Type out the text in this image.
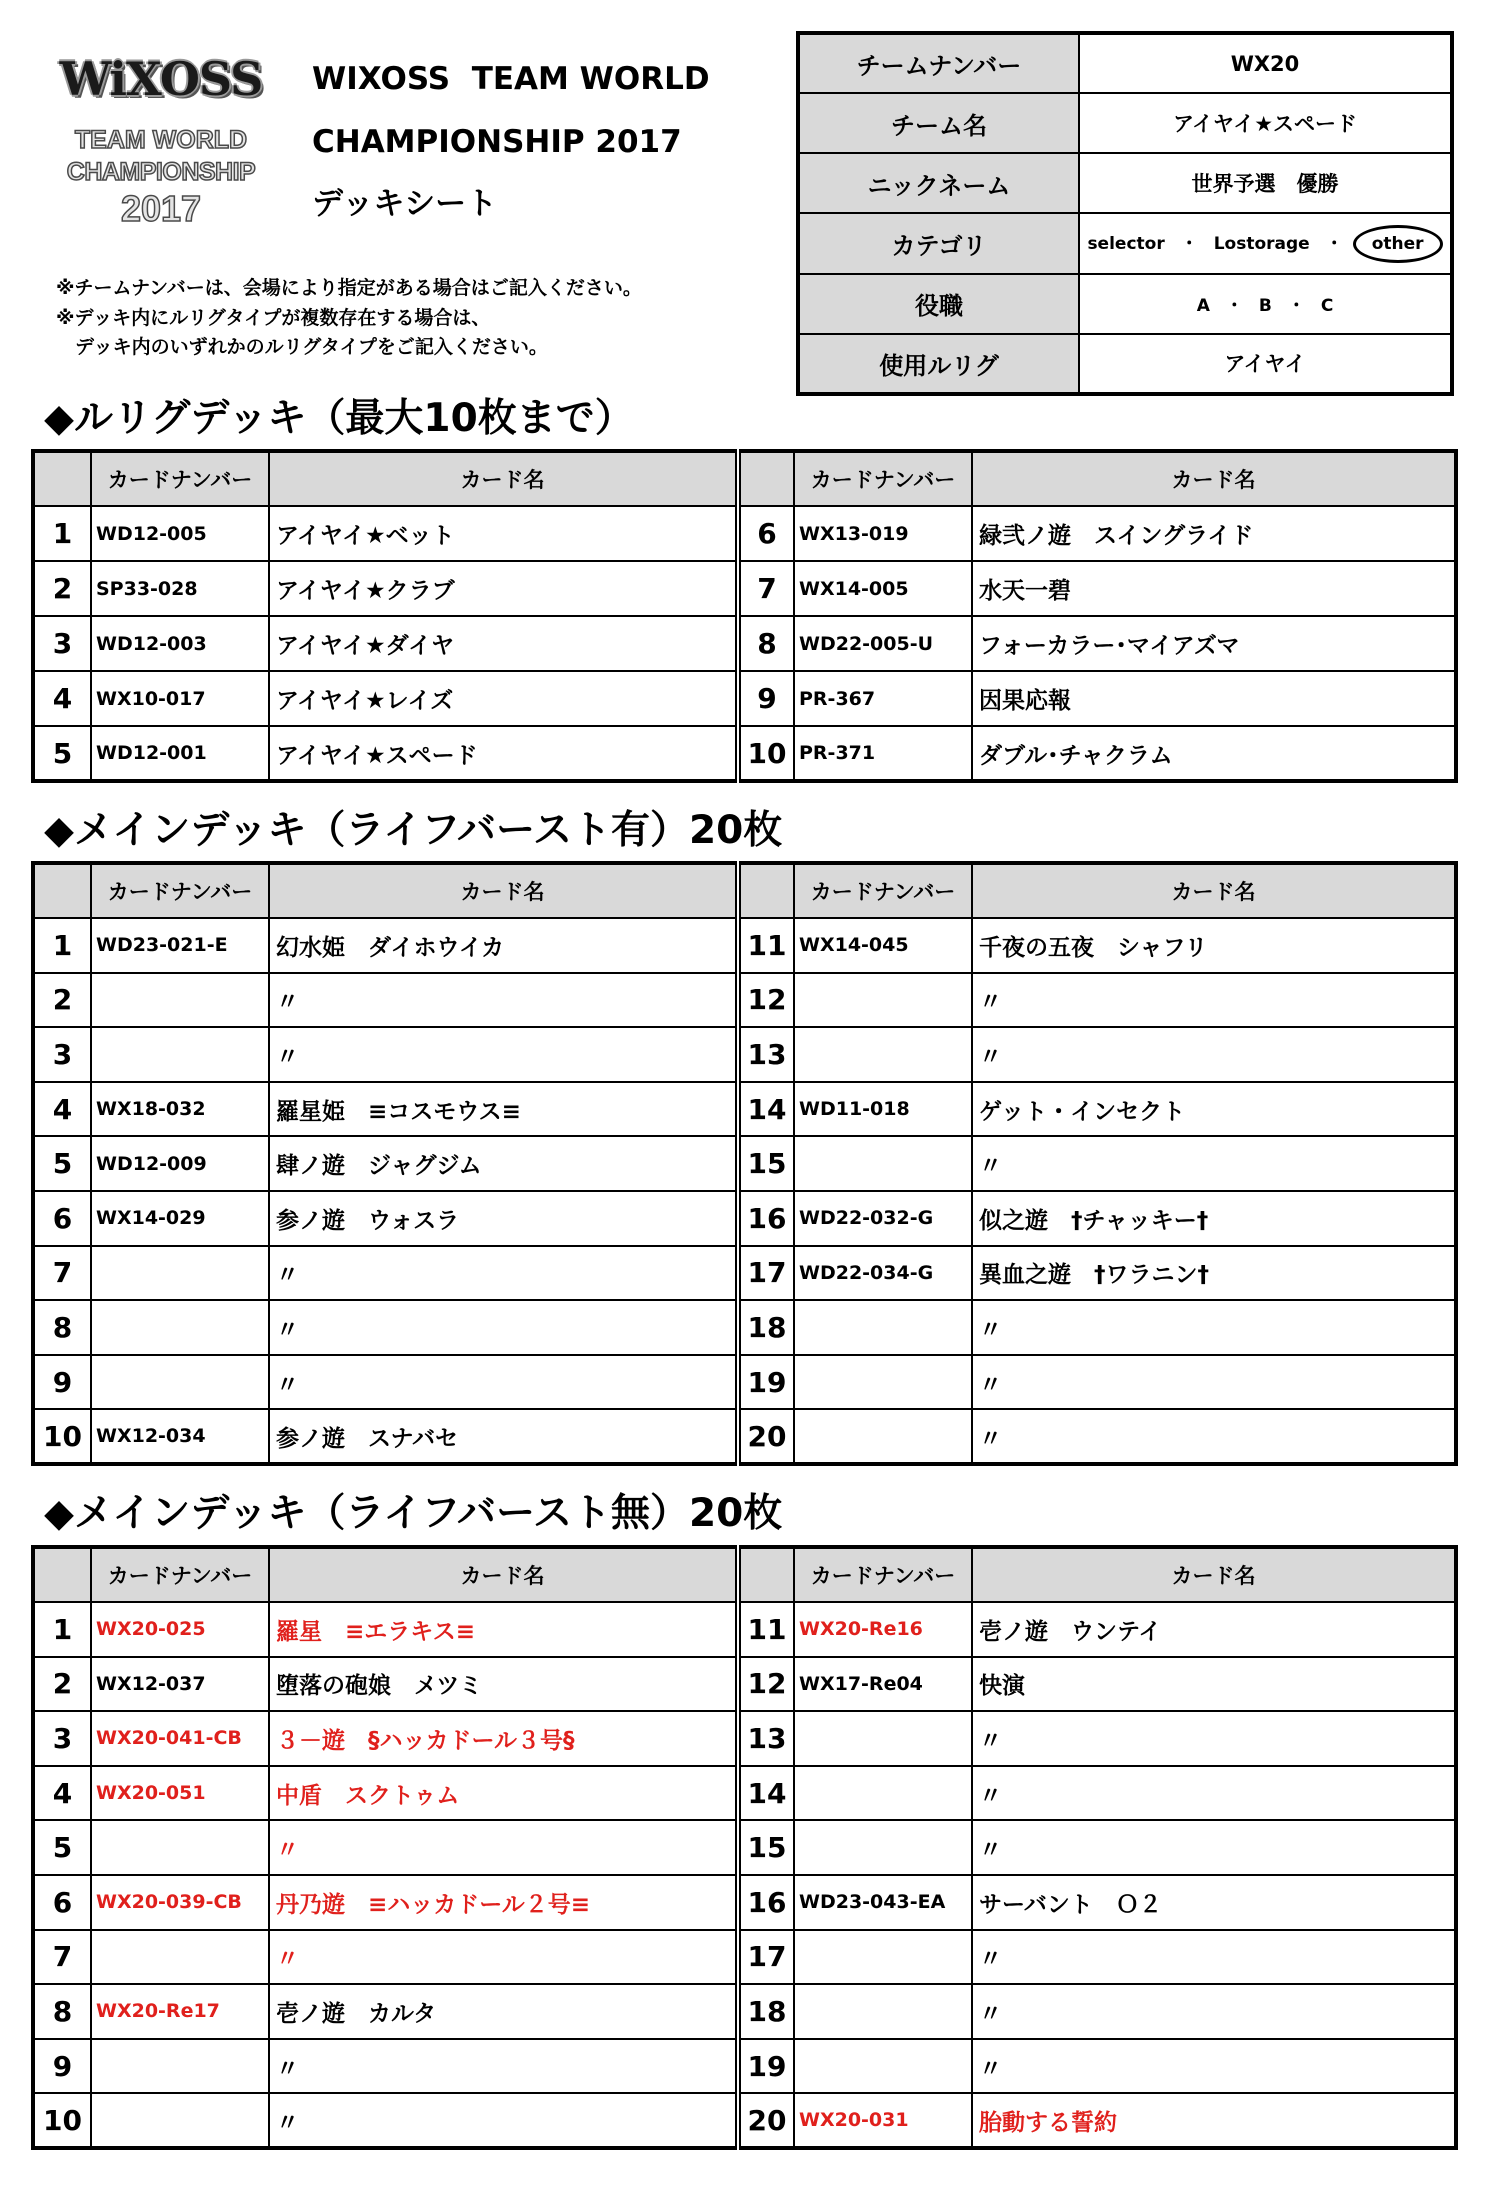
WiXOSS
TEAM WORLD
CHAMPIONSHIP
2017
WIXOSS  TEAM WORLD
CHAMPIONSHIP 2017
デッキシート
※チームナンバーは、会場により指定がある場合はご記入ください。
※デッキ内にルリグタイプが複数存在する場合は、
　デッキ内のいずれかのルリグタイプをご記入ください。
チームナンバー	WX20
チーム名	アイヤイ★スペード
ニックネーム	世界予選　優勝
カテゴリ	selector ・ Lostorage ・ other
役職	A ・ B ・ C
使用ルリグ	アイヤイ
◆ルリグデッキ（最大10枚まで）
	カードナンバー	カード名		カードナンバー	カード名
1	WD12-005	アイヤイ★ベット	6	WX13-019	緑弐ノ遊　スイングライド
2	SP33-028	アイヤイ★クラブ	7	WX14-005	水天一碧
3	WD12-003	アイヤイ★ダイヤ	8	WD22-005-U	フォーカラー･マイアズマ
4	WX10-017	アイヤイ★レイズ	9	PR-367	因果応報
5	WD12-001	アイヤイ★スペード	10	PR-371	ダブル･チャクラム
◆メインデッキ（ライフバースト有）20枚
	カードナンバー	カード名		カードナンバー	カード名
1	WD23-021-E	幻水姫　ダイホウイカ	11	WX14-045	千夜の五夜　シャフリ
2		〃	12		〃
3		〃	13		〃
4	WX18-032	羅星姫　≡コスモウス≡	14	WD11-018	ゲット・インセクト
5	WD12-009	肆ノ遊　ジャグジム	15		〃
6	WX14-029	参ノ遊　ウォスラ	16	WD22-032-G	似之遊　†チャッキー†
7		〃	17	WD22-034-G	異血之遊　†ワラニン†
8		〃	18		〃
9		〃	19		〃
10	WX12-034	参ノ遊　スナバセ	20		〃
◆メインデッキ（ライフバースト無）20枚
	カードナンバー	カード名		カードナンバー	カード名
1	WX20-025	羅星　≡エラキス≡	11	WX20-Re16	壱ノ遊　ウンテイ
2	WX12-037	堕落の砲娘　メツミ	12	WX17-Re04	快演
3	WX20-041-CB	３－遊　§ハッカドール３号§	13		〃
4	WX20-051	中盾　スクトゥム	14		〃
5		〃	15		〃
6	WX20-039-CB	丹乃遊　≡ハッカドール２号≡	16	WD23-043-EA	サーバント　Ｏ２
7		〃	17		〃
8	WX20-Re17	壱ノ遊　カルタ	18		〃
9		〃	19		〃
10		〃	20	WX20-031	胎動する誓約
